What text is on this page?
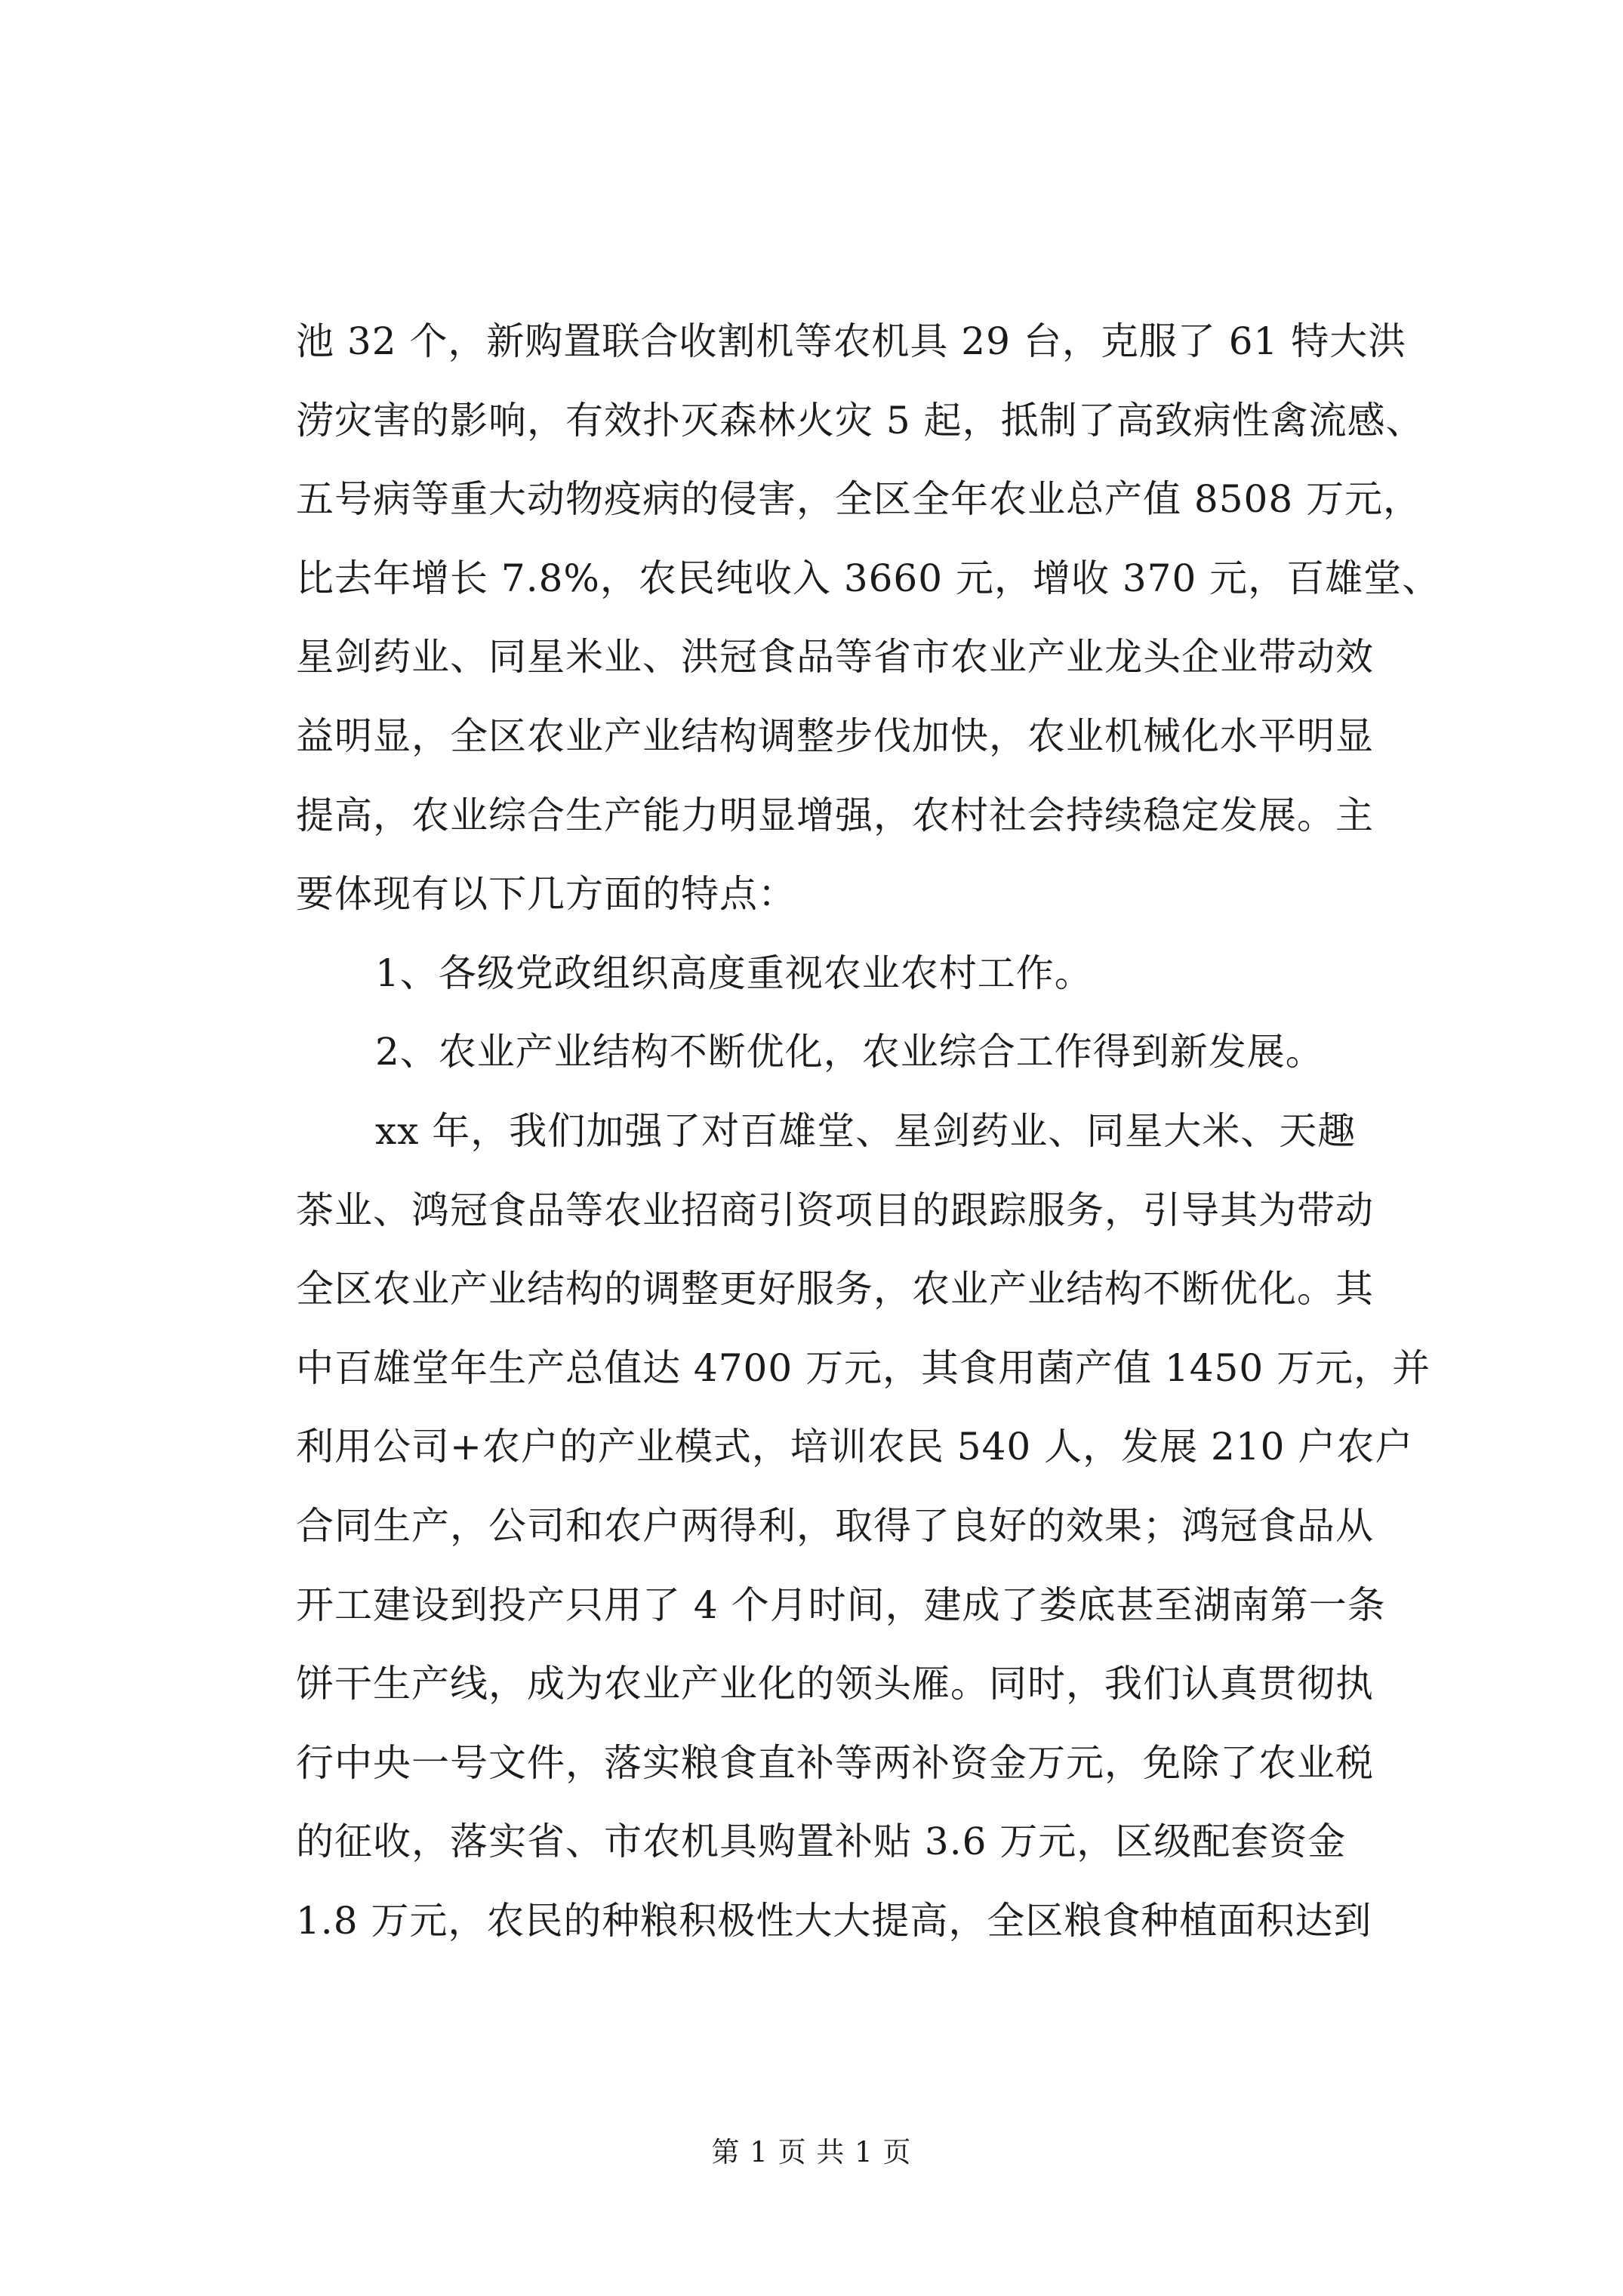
池 32 个，新购置联合收割机等农机具 29 台，克服了 61 特大洪
涝灾害的影响，有效扑灭森林火灾 5 起，抵制了高致病性禽流感、
五号病等重大动物疫病的侵害，全区全年农业总产值 8508 万元，
比去年增长 7.8%，农民纯收入 3660 元，增收 370 元，百雄堂、
星剑药业、同星米业、洪冠食品等省市农业产业龙头企业带动效
益明显，全区农业产业结构调整步伐加快，农业机械化水平明显
提高，农业综合生产能力明显增强，农村社会持续稳定发展。主
要体现有以下几方面的特点：
　　1、各级党政组织高度重视农业农村工作。
　　2、农业产业结构不断优化，农业综合工作得到新发展。
　　xx 年，我们加强了对百雄堂、星剑药业、同星大米、天趣
茶业、鸿冠食品等农业招商引资项目的跟踪服务，引导其为带动
全区农业产业结构的调整更好服务，农业产业结构不断优化。其
中百雄堂年生产总值达 4700 万元，其食用菌产值 1450 万元，并
利用公司+农户的产业模式，培训农民 540 人，发展 210 户农户
合同生产，公司和农户两得利，取得了良好的效果；鸿冠食品从
开工建设到投产只用了 4 个月时间，建成了娄底甚至湖南第一条
饼干生产线，成为农业产业化的领头雁。同时，我们认真贯彻执
行中央一号文件，落实粮食直补等两补资金万元，免除了农业税
的征收，落实省、市农机具购置补贴 3.6 万元，区级配套资金
1.8 万元，农民的种粮积极性大大提高，全区粮食种植面积达到
第 1 页 共 1 页
